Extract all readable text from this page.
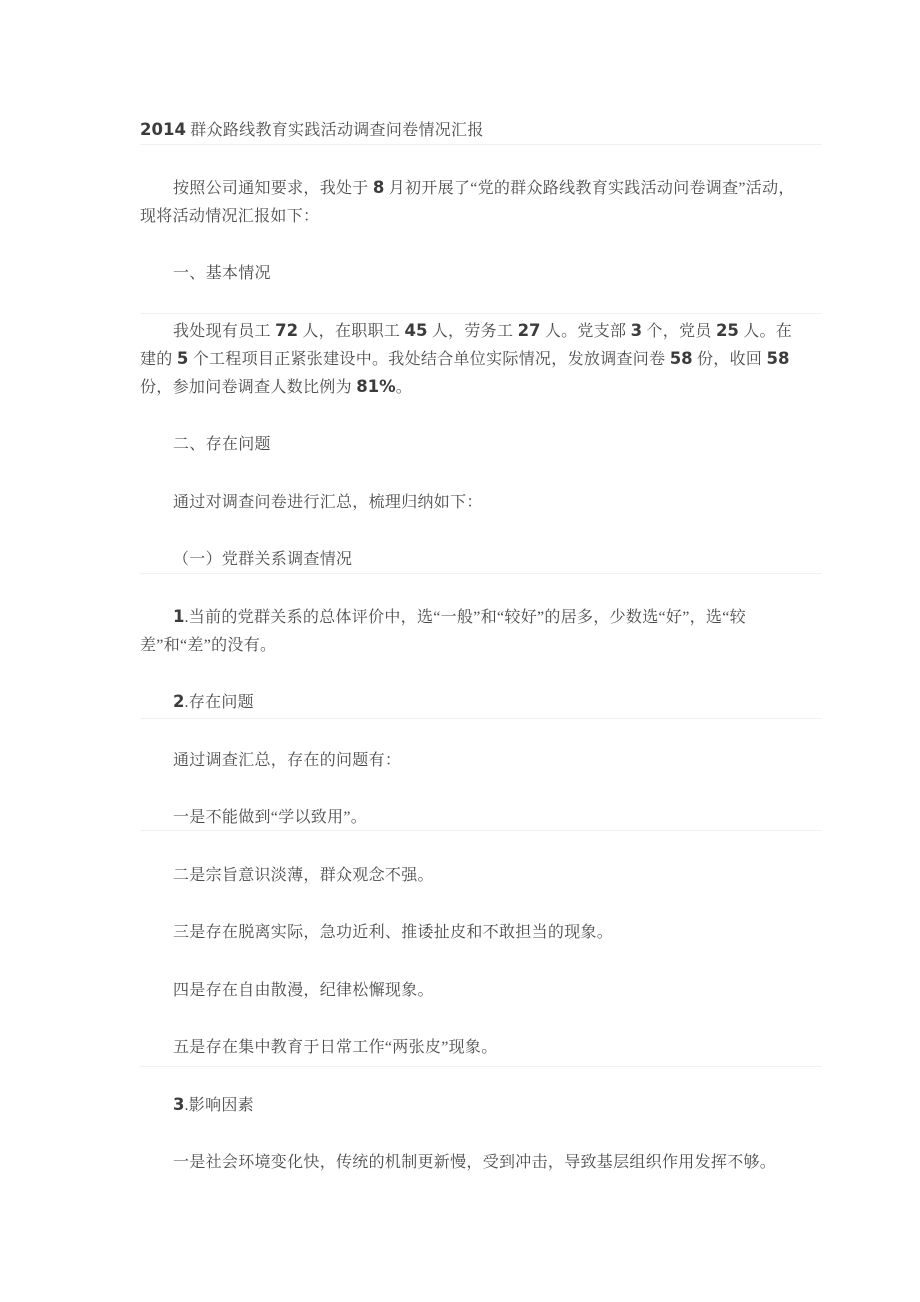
2014 群众路线教育实践活动调查问卷情况汇报

按照公司通知要求，我处于 8 月初开展了“党的群众路线教育实践活动问卷调查”活动，现将活动情况汇报如下：

一、基本情况

我处现有员工 72 人，在职职工 45 人，劳务工 27 人。党支部 3 个，党员 25 人。在建的 5 个工程项目正紧张建设中。我处结合单位实际情况，发放调查问卷 58 份，收回 58 份，参加问卷调查人数比例为 81%。

二、存在问题

通过对调查问卷进行汇总，梳理归纳如下：

（一）党群关系调查情况

1.当前的党群关系的总体评价中，选“一般”和“较好”的居多，少数选“好”，选“较差”和“差”的没有。

2.存在问题

通过调查汇总，存在的问题有：

一是不能做到“学以致用”。

二是宗旨意识淡薄，群众观念不强。

三是存在脱离实际，急功近利、推诿扯皮和不敢担当的现象。

四是存在自由散漫，纪律松懈现象。

五是存在集中教育于日常工作“两张皮”现象。

3.影响因素

一是社会环境变化快，传统的机制更新慢，受到冲击，导致基层组织作用发挥不够。
